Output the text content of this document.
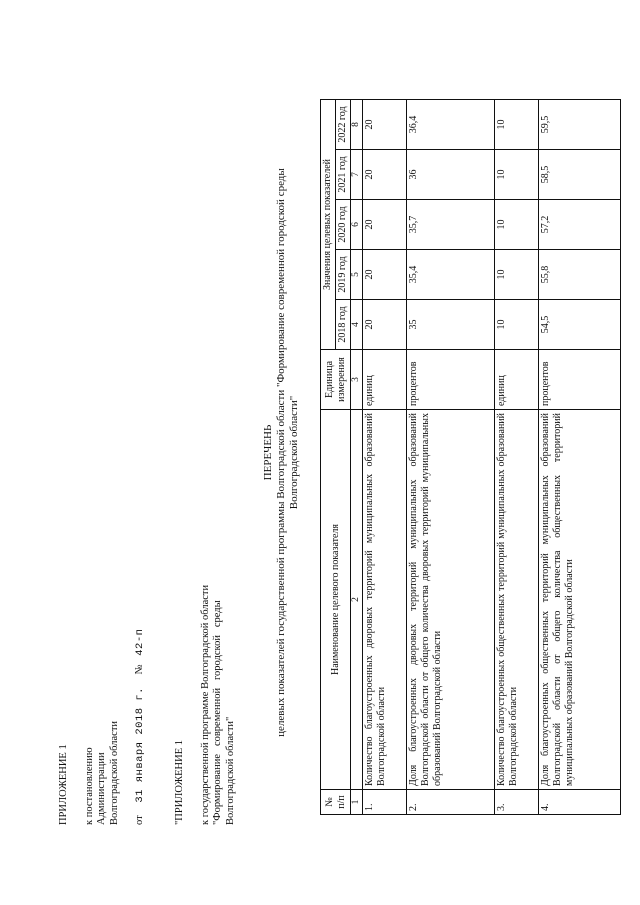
ПРИЛОЖЕНИЕ 1 к постановлению Администрации Волгоградской области от 31 января 2018 г. № 42-п
"ПРИЛОЖЕНИЕ 1 к государственной программе Волгоградской области "Формирование   современной   городской   среды Волгоградской области"
ПЕРЕЧЕНЬ целевых показателей государственной программы Волгоградской области "Формирование современной городской среды Волгоградской области"
№ п/п	Наименование целевого показателя	Единица измерения	Значения целевых показателей				
			2018 год	2019 год	2020 год	2021 год	2022 год
1	2	3	4	5	6	7	8
1.	Количество благоустроенных дворовых территорий муниципальных образований Волгоградской области	единиц	20	20	20	20	20
2.	Доля благоустроенных дворовых территорий муниципальных образований Волгоградской области от общего количества дворовых территорий муниципальных образований Волгоградской области	процентов	35	35,4	35,7	36	36,4
3.	Количество благоустроенных общественных территорий муниципальных образований Волгоградской области	единиц	10	10	10	10	10
4.	Доля благоустроенных общественных территорий муниципальных образований Волгоградской области от общего количества общественных территорий муниципальных образований Волгоградской области	процентов	54,5	55,8	57,2	58,5	59,5
